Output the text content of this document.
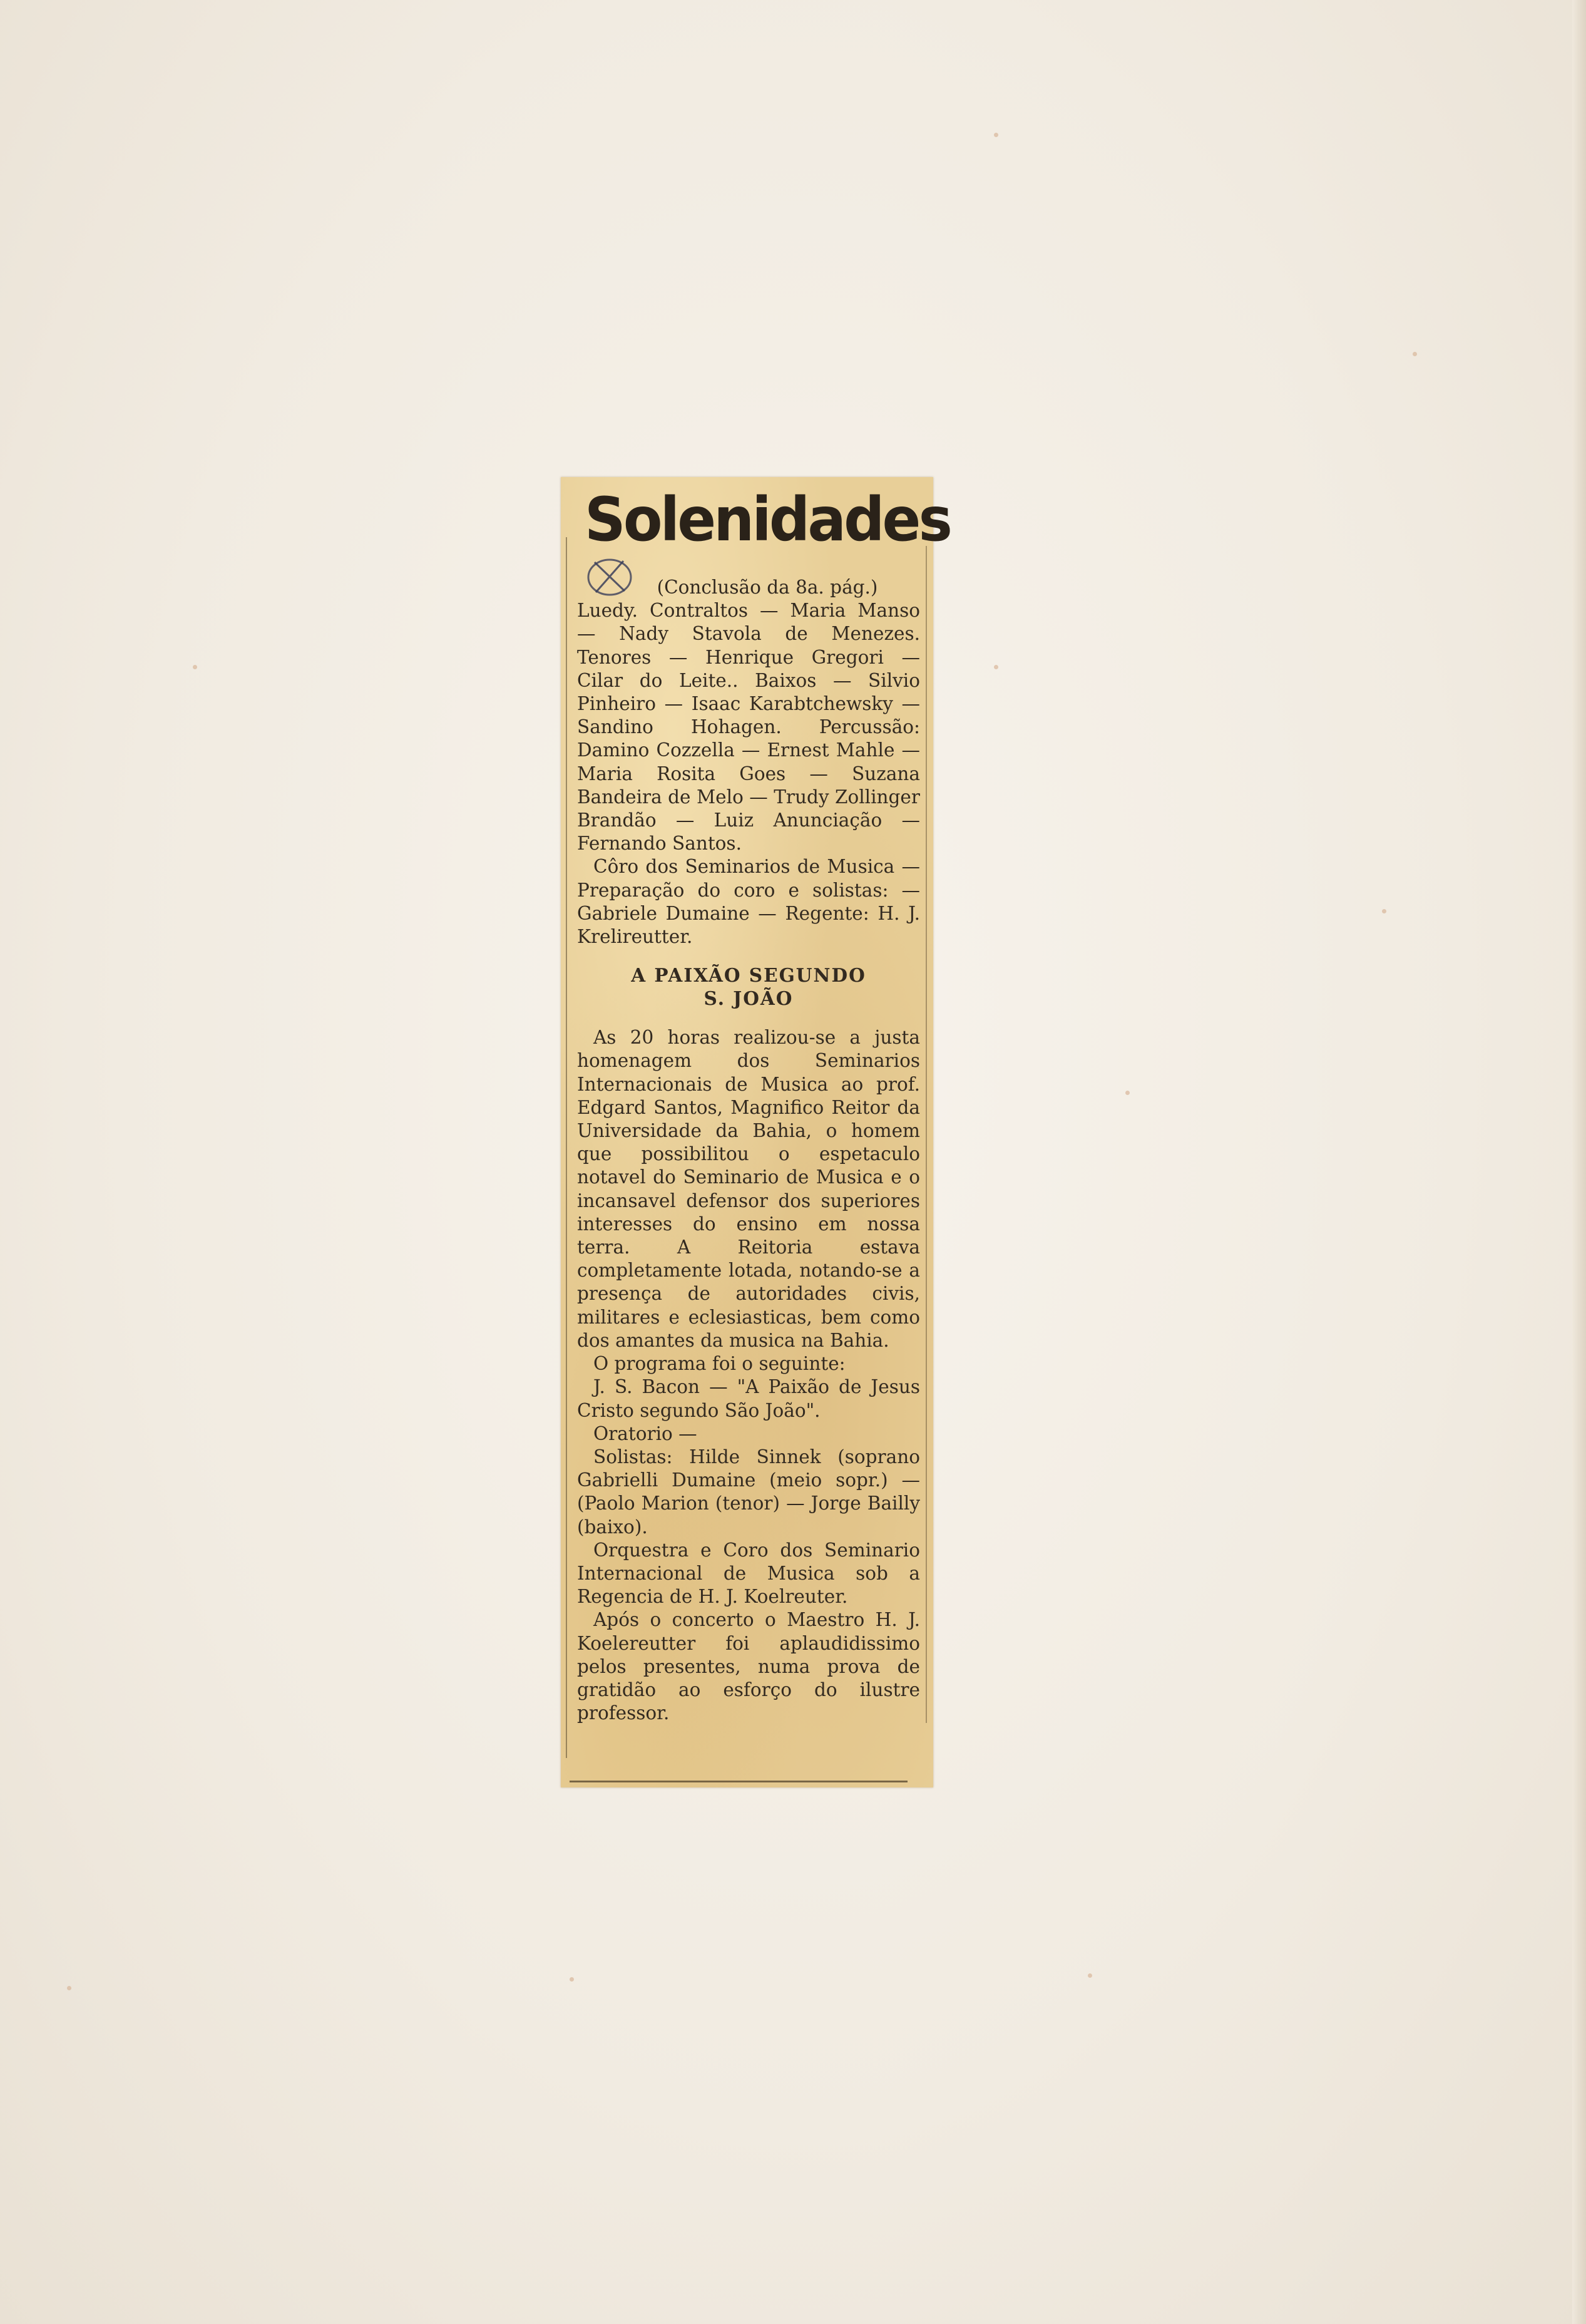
Solenidades

(Conclusão da 8a. pág.)

Luedy. Contraltos — Maria Manso — Nady Stavola de Menezes. Tenores — Henrique Gregori — Cilar do Leite.. Baixos — Silvio Pinheiro — Isaac Karabtchewsky — Sandino Hohagen. Percussão: Damino Cozzella — Ernest Mahle — Maria Rosita Goes — Suzana Bandeira de Melo — Trudy Zollinger Brandão — Luiz Anunciação — Fernando Santos.

Côro dos Seminarios de Musica — Preparação do coro e solistas: — Gabriele Dumaine — Regente: H. J. Krelireutter.

A PAIXÃO SEGUNDO
S. JOÃO

As 20 horas realizou-se a justa homenagem dos Seminarios Internacionais de Musica ao prof. Edgard Santos, Magnifico Reitor da Universidade da Bahia, o homem que possibilitou o espetaculo notavel do Seminario de Musica e o incansavel defensor dos superiores interesses do ensino em nossa terra. A Reitoria estava completamente lotada, notando-se a presença de autoridades civis, militares e eclesiasticas, bem como dos amantes da musica na Bahia.

O programa foi o seguinte:

J. S. Bacon — "A Paixão de Jesus Cristo segundo São João".

Oratorio —

Solistas: Hilde Sinnek (soprano Gabrielli Dumaine (meio sopr.) — (Paolo Marion (tenor) — Jorge Bailly (baixo).

Orquestra e Coro dos Seminario Internacional de Musica sob a Regencia de H. J. Koelreuter.

Após o concerto o Maestro H. J. Koelereutter foi aplaudidissimo pelos presentes, numa prova de gratidão ao esforço do ilustre professor.
